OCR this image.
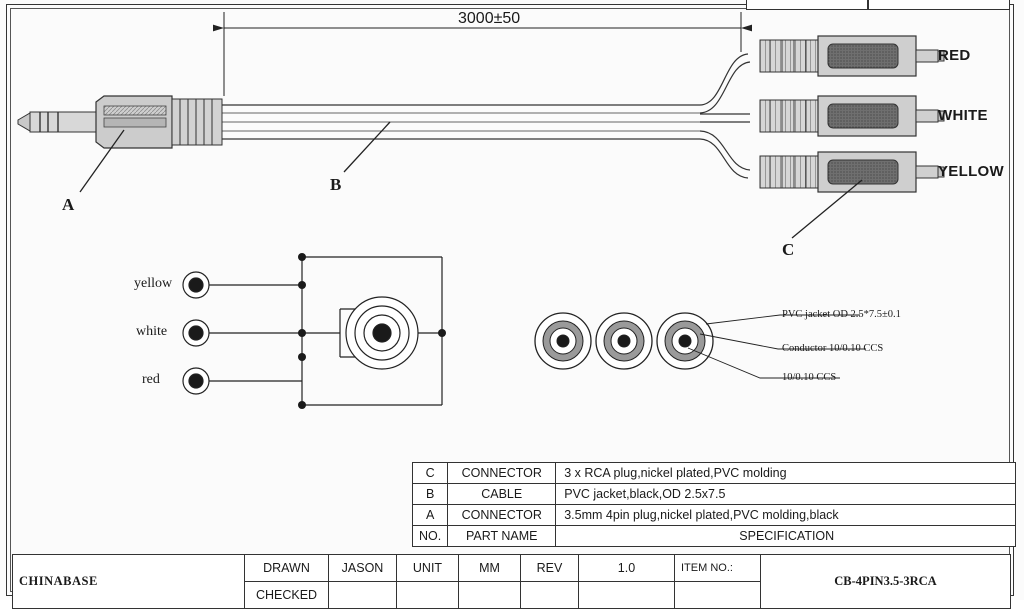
3000±50
A
B
C
RED
WHITE
YELLOW
yellow
white
red
PVC jacket OD 2.5*7.5±0.1
Conductor 10/0.10 CCS
10/0.10 CCS
C	CONNECTOR	3 x RCA plug,nickel plated,PVC molding
B	CABLE	PVC jacket,black,OD 2.5x7.5
A	CONNECTOR	3.5mm 4pin plug,nickel plated,PVC molding,black
NO.	PART NAME	SPECIFICATION
CHINABASE	DRAWN	JASON	UNIT	MM	REV	1.0	ITEM NO.:	CB-4PIN3.5-3RCA
	CHECKED							
